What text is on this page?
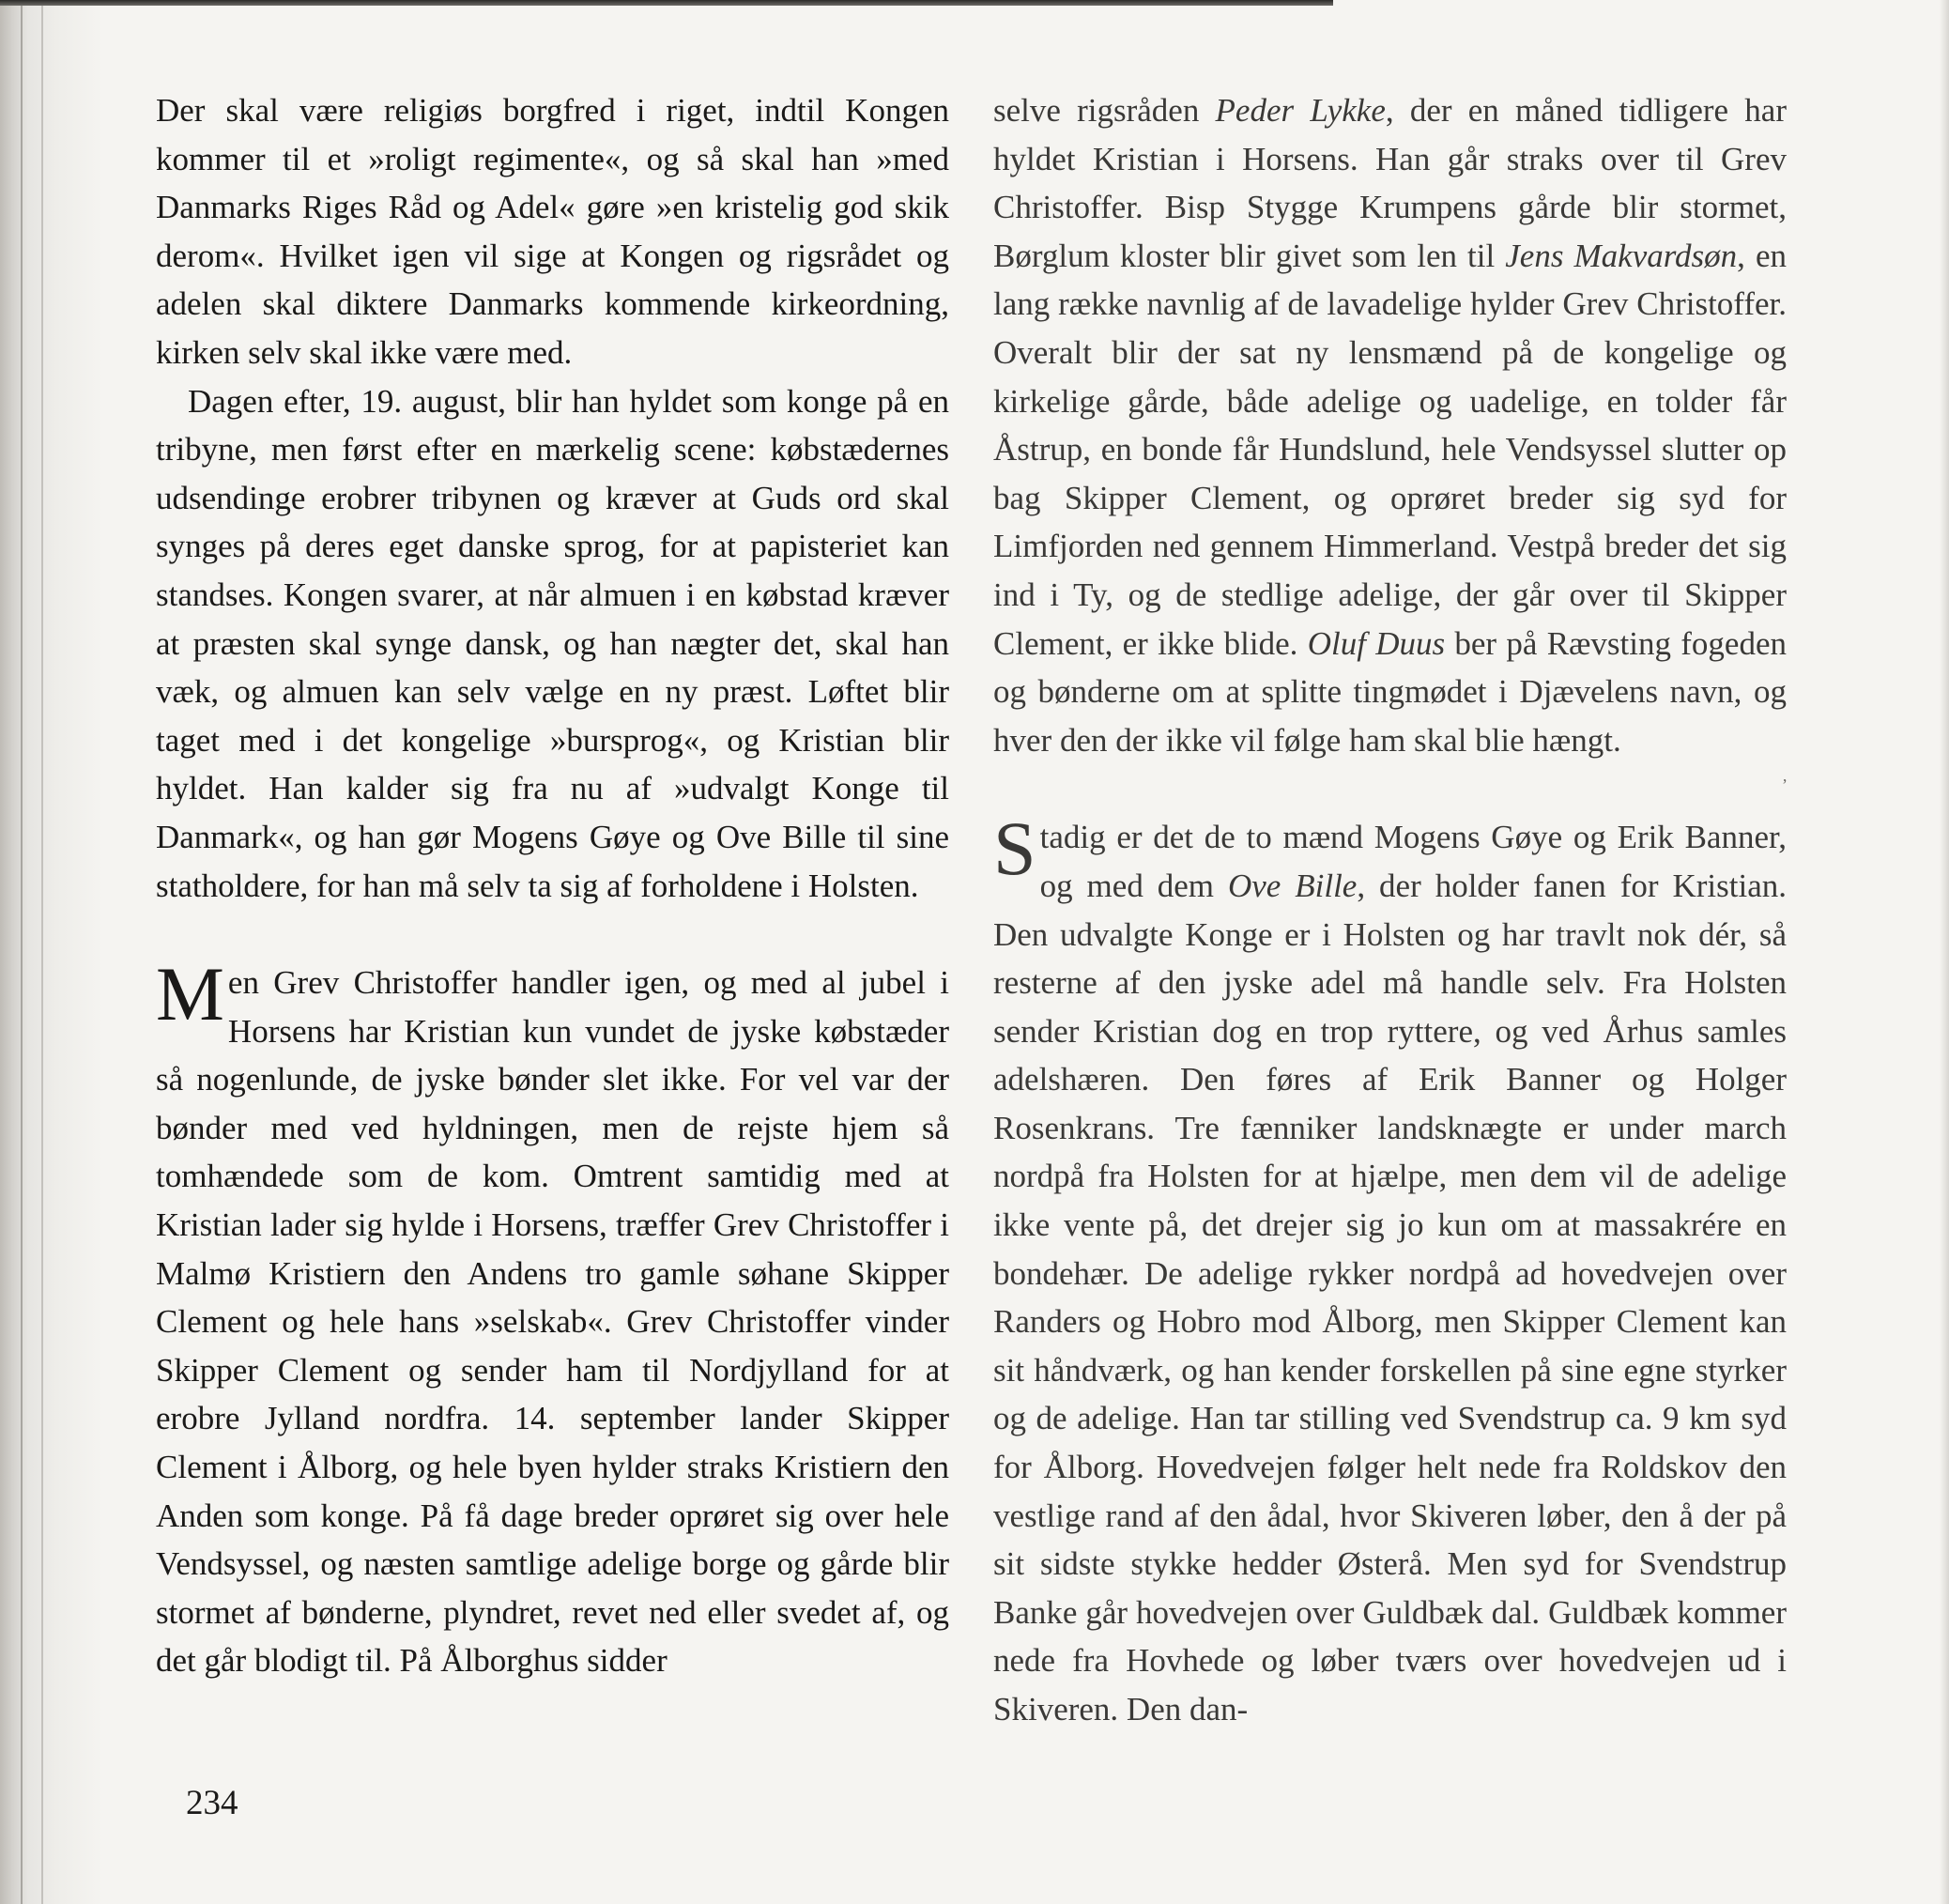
Der skal være religiøs borgfred i riget, indtil Kongen kommer til et »roligt regimente«, og så skal han »med Danmarks Riges Råd og Adel« gøre »en kristelig god skik derom«. Hvilket igen vil sige at Kongen og rigsrådet og adelen skal diktere Danmarks kommende kirkeordning, kirken selv skal ikke være med.

Dagen efter, 19. august, blir han hyldet som konge på en tribyne, men først efter en mærkelig scene: købstædernes udsendinge erobrer tribynen og kræver at Guds ord skal synges på deres eget danske sprog, for at papisteriet kan standses. Kongen svarer, at når almuen i en købstad kræver at præsten skal synge dansk, og han nægter det, skal han væk, og almuen kan selv vælge en ny præst. Løftet blir taget med i det kongelige »bursprog«, og Kristian blir hyldet. Han kalder sig fra nu af »udvalgt Konge til Danmark«, og han gør Mogens Gøye og Ove Bille til sine statholdere, for han må selv ta sig af forholdene i Holsten.

Men Grev Christoffer handler igen, og med al jubel i Horsens har Kristian kun vundet de jyske købstæder så nogenlunde, de jyske bønder slet ikke. For vel var der bønder med ved hyldningen, men de rejste hjem så tomhændede som de kom. Omtrent samtidig med at Kristian lader sig hylde i Horsens, træffer Grev Christoffer i Malmø Kristiern den Andens tro gamle søhane Skipper Clement og hele hans »selskab«. Grev Christoffer vinder Skipper Clement og sender ham til Nordjylland for at erobre Jylland nordfra. 14. september lander Skipper Clement i Ålborg, og hele byen hylder straks Kristiern den Anden som konge. På få dage breder oprøret sig over hele Vendsyssel, og næsten samtlige adelige borge og gårde blir stormet af bønderne, plyndret, revet ned eller svedet af, og det går blodigt til. På Ålborghus sidder

selve rigsråden Peder Lykke, der en måned tidligere har hyldet Kristian i Horsens. Han går straks over til Grev Christoffer. Bisp Stygge Krumpens gårde blir stormet, Børglum kloster blir givet som len til Jens Makvardsøn, en lang række navnlig af de lavadelige hylder Grev Christoffer. Overalt blir der sat ny lensmænd på de kongelige og kirkelige gårde, både adelige og uadelige, en tolder får Åstrup, en bonde får Hundslund, hele Vendsyssel slutter op bag Skipper Clement, og oprøret breder sig syd for Limfjorden ned gennem Himmerland. Vestpå breder det sig ind i Ty, og de stedlige adelige, der går over til Skipper Clement, er ikke blide. Oluf Duus ber på Rævsting fogeden og bønderne om at splitte tingmødet i Djævelens navn, og hver den der ikke vil følge ham skal blie hængt.

Stadig er det de to mænd Mogens Gøye og Erik Banner, og med dem Ove Bille, der holder fanen for Kristian. Den udvalgte Konge er i Holsten og har travlt nok dér, så resterne af den jyske adel må handle selv. Fra Holsten sender Kristian dog en trop ryttere, og ved Århus samles adelshæren. Den føres af Erik Banner og Holger Rosenkrans. Tre fænniker landsknægte er under march nordpå fra Holsten for at hjælpe, men dem vil de adelige ikke vente på, det drejer sig jo kun om at massakrére en bondehær. De adelige rykker nordpå ad hovedvejen over Randers og Hobro mod Ålborg, men Skipper Clement kan sit håndværk, og han kender forskellen på sine egne styrker og de adelige. Han tar stilling ved Svendstrup ca. 9 km syd for Ålborg. Hovedvejen følger helt nede fra Roldskov den vestlige rand af den ådal, hvor Skiveren løber, den å der på sit sidste stykke hedder Østerå. Men syd for Svendstrup Banke går hovedvejen over Guldbæk dal. Guldbæk kommer nede fra Hovhede og løber tværs over hovedvejen ud i Skiveren. Den dan-

ʼ
234
